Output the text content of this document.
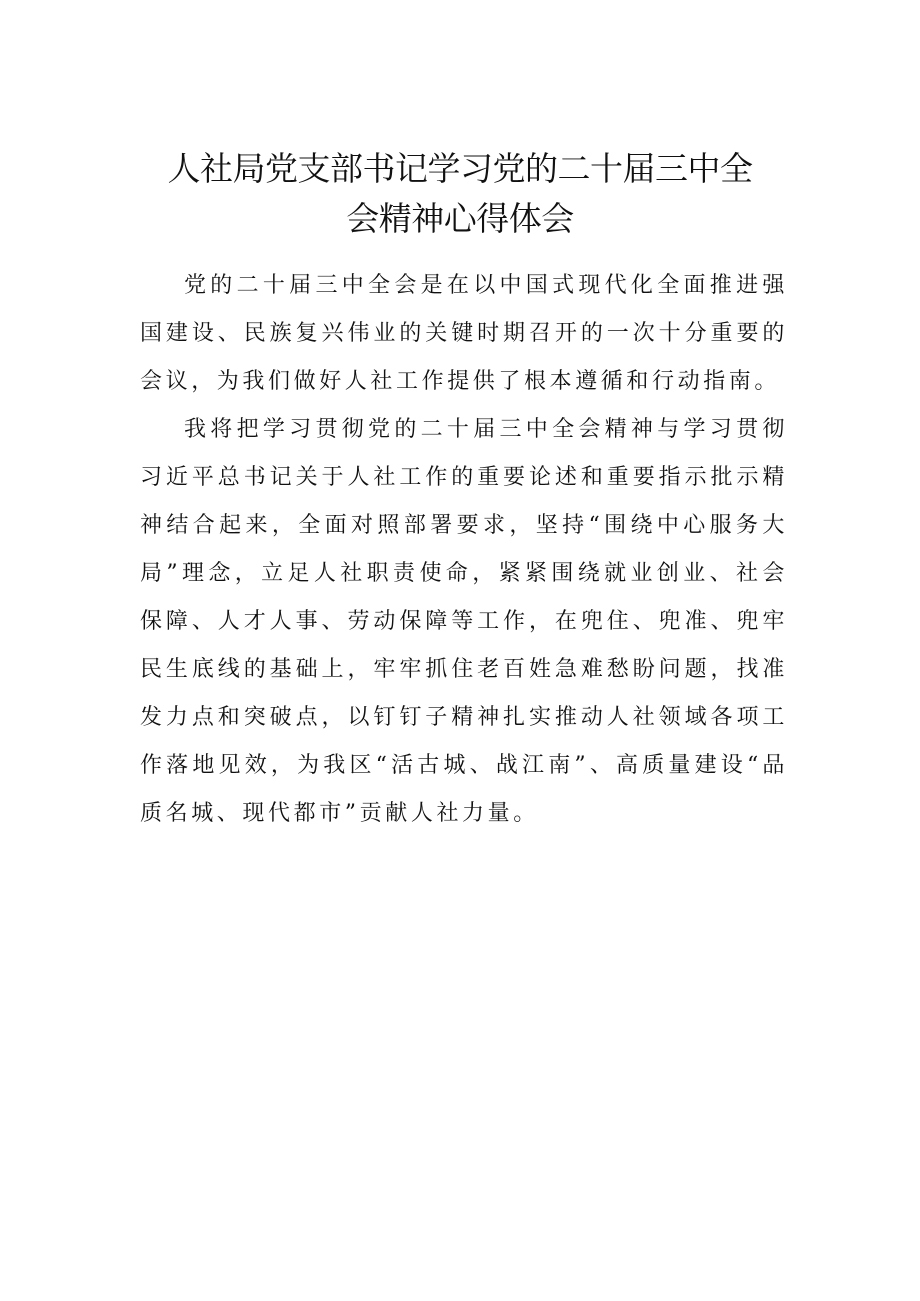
人社局党支部书记学习党的二十届三中全
会精神心得体会

党的二十届三中全会是在以中国式现代化全面推进强国建设、民族复兴伟业的关键时期召开的一次十分重要的会议，为我们做好人社工作提供了根本遵循和行动指南。

我将把学习贯彻党的二十届三中全会精神与学习贯彻习近平总书记关于人社工作的重要论述和重要指示批示精神结合起来，全面对照部署要求，坚持“围绕中心服务大局”理念，立足人社职责使命，紧紧围绕就业创业、社会保障、人才人事、劳动保障等工作，在兜住、兜准、兜牢民生底线的基础上，牢牢抓住老百姓急难愁盼问题，找准发力点和突破点，以钉钉子精神扎实推动人社领域各项工作落地见效，为我区“活古城、战江南”、高质量建设“品质名城、现代都市”贡献人社力量。
